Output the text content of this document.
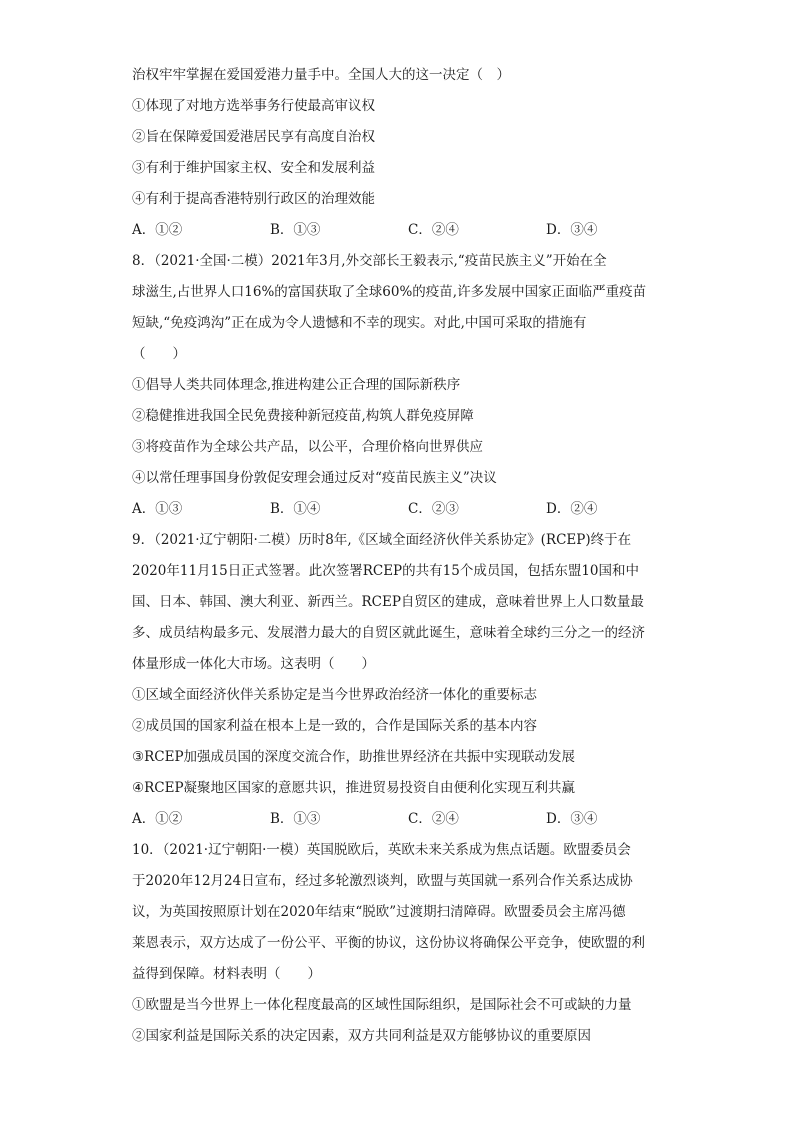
治权牢牢掌握在爱国爱港力量手中。全国人大的这一决定（　）
①体现了对地方选举事务行使最高审议权
②旨在保障爱国爱港居民享有高度自治权
③有利于维护国家主权、安全和发展利益
④有利于提高香港特别行政区的治理效能
A．①②	B．①③	C．②④	D．③④
8．（2021·全国·二模）2021年3月,外交部长王毅表示,“疫苗民族主义”开始在全
球滋生,占世界人口16%的富国获取了全球60%的疫苗,许多发展中国家正面临严重疫苗
短缺,“免疫鸿沟”正在成为令人遗憾和不幸的现实。对此,中国可采取的措施有
（　　）
①倡导人类共同体理念,推进构建公正合理的国际新秩序
②稳健推进我国全民免费接种新冠疫苗,构筑人群免疫屏障
③将疫苗作为全球公共产品，以公平，合理价格向世界供应
④以常任理事国身份敦促安理会通过反对“疫苗民族主义”决议
A．①③	B．①④	C．②③	D．②④
9．（2021·辽宁朝阳·二模）历时8年,《区域全面经济伙伴关系协定》(RCEP)终于在
2020年11月15日正式签署。此次签署RCEP的共有15个成员国，包括东盟10国和中
国、日本、韩国、澳大利亚、新西兰。RCEP自贸区的建成，意味着世界上人口数量最
多、成员结构最多元、发展潜力最大的自贸区就此诞生，意味着全球约三分之一的经济
体量形成一体化大市场。这表明（　　）
①区域全面经济伙伴关系协定是当今世界政治经济一体化的重要标志
②成员国的国家利益在根本上是一致的，合作是国际关系的基本内容
③RCEP加强成员国的深度交流合作，助推世界经济在共振中实现联动发展
④RCEP凝聚地区国家的意愿共识，推进贸易投资自由便利化实现互利共赢
A．①②	B．①③	C．②④	D．③④
10．（2021·辽宁朝阳·一模）英国脱欧后，英欧未来关系成为焦点话题。欧盟委员会
于2020年12月24日宣布，经过多轮激烈谈判，欧盟与英国就一系列合作关系达成协
议，为英国按照原计划在2020年结束“脱欧”过渡期扫清障碍。欧盟委员会主席冯德
莱恩表示，双方达成了一份公平、平衡的协议，这份协议将确保公平竞争，使欧盟的利
益得到保障。材料表明（　　）
①欧盟是当今世界上一体化程度最高的区域性国际组织，是国际社会不可或缺的力量
②国家利益是国际关系的决定因素，双方共同利益是双方能够协议的重要原因
